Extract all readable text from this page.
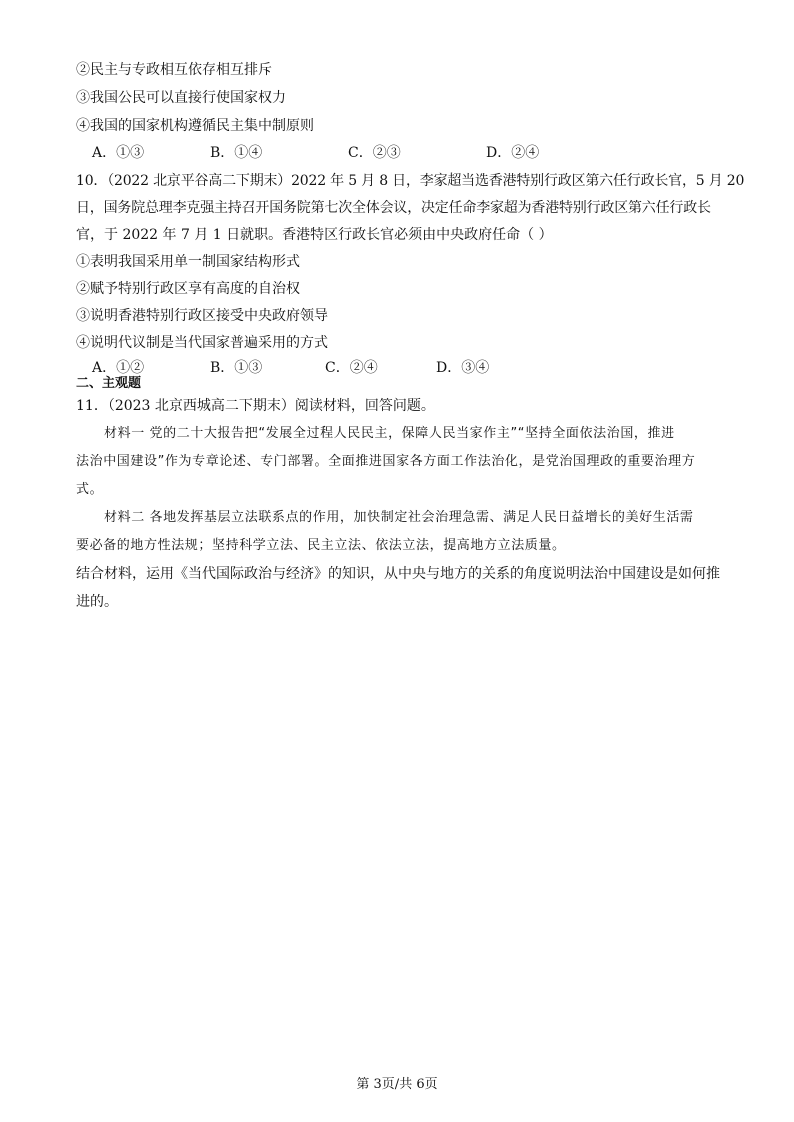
②民主与专政相互依存相互排斥
③我国公民可以直接行使国家权力
④我国的国家机构遵循民主集中制原则
A．①③	B．①④	C．②③	D．②④
10．（2022 北京平谷高二下期末）2022 年 5 月 8 日，李家超当选香港特别行政区第六任行政长官，5 月 20
日，国务院总理李克强主持召开国务院第七次全体会议，决定任命李家超为香港特别行政区第六任行政长
官，于 2022 年 7 月 1 日就职。香港特区行政长官必须由中央政府任命（ ）
①表明我国采用单一制国家结构形式
②赋予特别行政区享有高度的自治权
③说明香港特别行政区接受中央政府领导
④说明代议制是当代国家普遍采用的方式
A．①②	B．①③	C．②④	D．③④
二、主观题
11．（2023 北京西城高二下期末）阅读材料，回答问题。
材料一 党的二十大报告把“发展全过程人民民主，保障人民当家作主”“坚持全面依法治国，推进
法治中国建设”作为专章论述、专门部署。全面推进国家各方面工作法治化，是党治国理政的重要治理方
式。
材料二 各地发挥基层立法联系点的作用，加快制定社会治理急需、满足人民日益增长的美好生活需
要必备的地方性法规；坚持科学立法、民主立法、依法立法，提高地方立法质量。
结合材料，运用《当代国际政治与经济》的知识，从中央与地方的关系的角度说明法治中国建设是如何推
进的。
第 3页/共 6页
